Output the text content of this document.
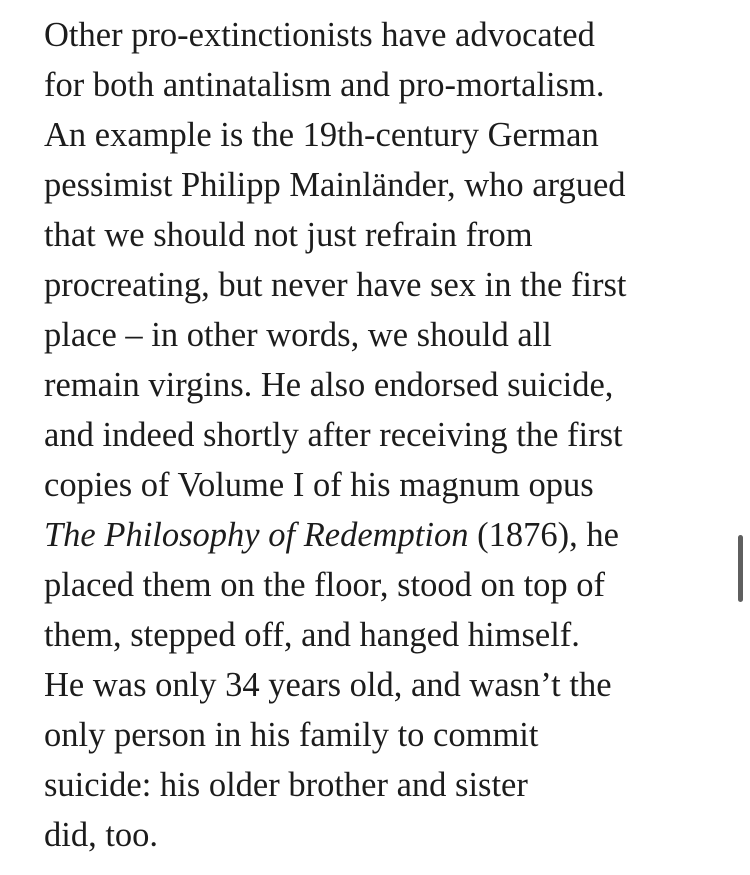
Other pro-extinctionists have advocated
for both antinatalism and pro-mortalism.
An example is the 19th-century German
pessimist Philipp Mainländer, who argued
that we should not just refrain from
procreating, but never have sex in the first
place – in other words, we should all
remain virgins. He also endorsed suicide,
and indeed shortly after receiving the first
copies of Volume I of his magnum opus
The Philosophy of Redemption (1876), he
placed them on the floor, stood on top of
them, stepped off, and hanged himself.
He was only 34 years old, and wasn’t the
only person in his family to commit
suicide: his older brother and sister
did, too.
